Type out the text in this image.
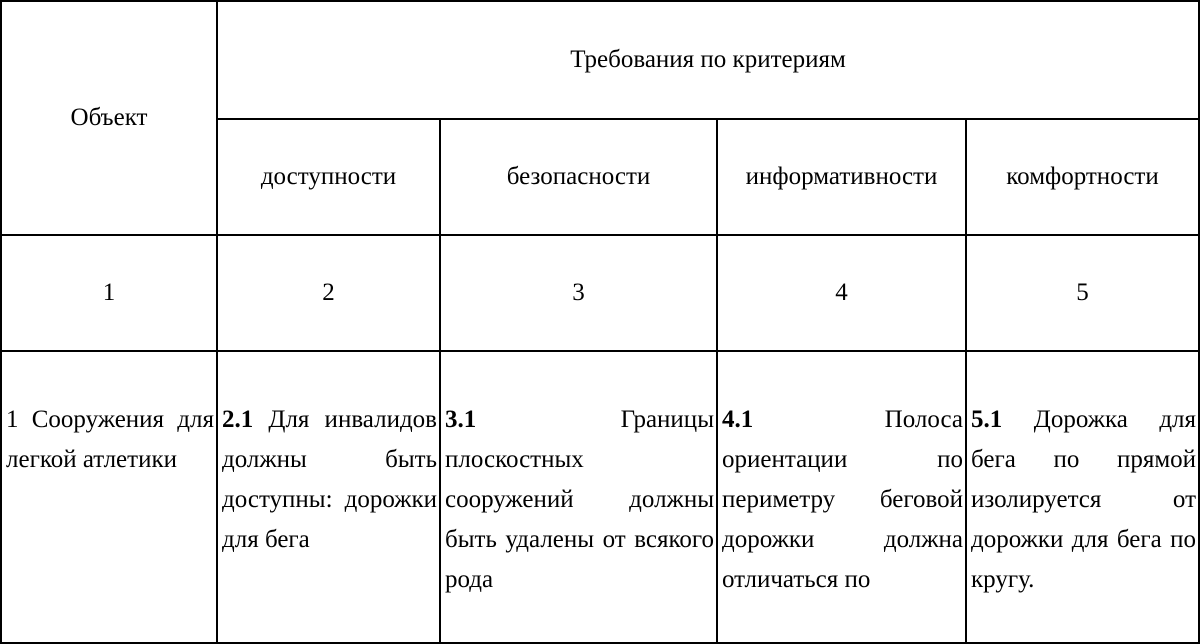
Объект	Требования по критериям			
	доступности	безопасности	информативности	комфортности
1	2	3	4	5

1 Сооружения для легкой атлетики	2.1 Для инвалидов должны быть доступны: дорожки для бега	3.1 Границы плоскостных сооружений должны быть удалены от всякого рода	4.1 Полоса ориентации по периметру беговой дорожки должна отличаться по	5.1 Дорожка для бега по прямой изолируется от дорожки для бега по кругу.
